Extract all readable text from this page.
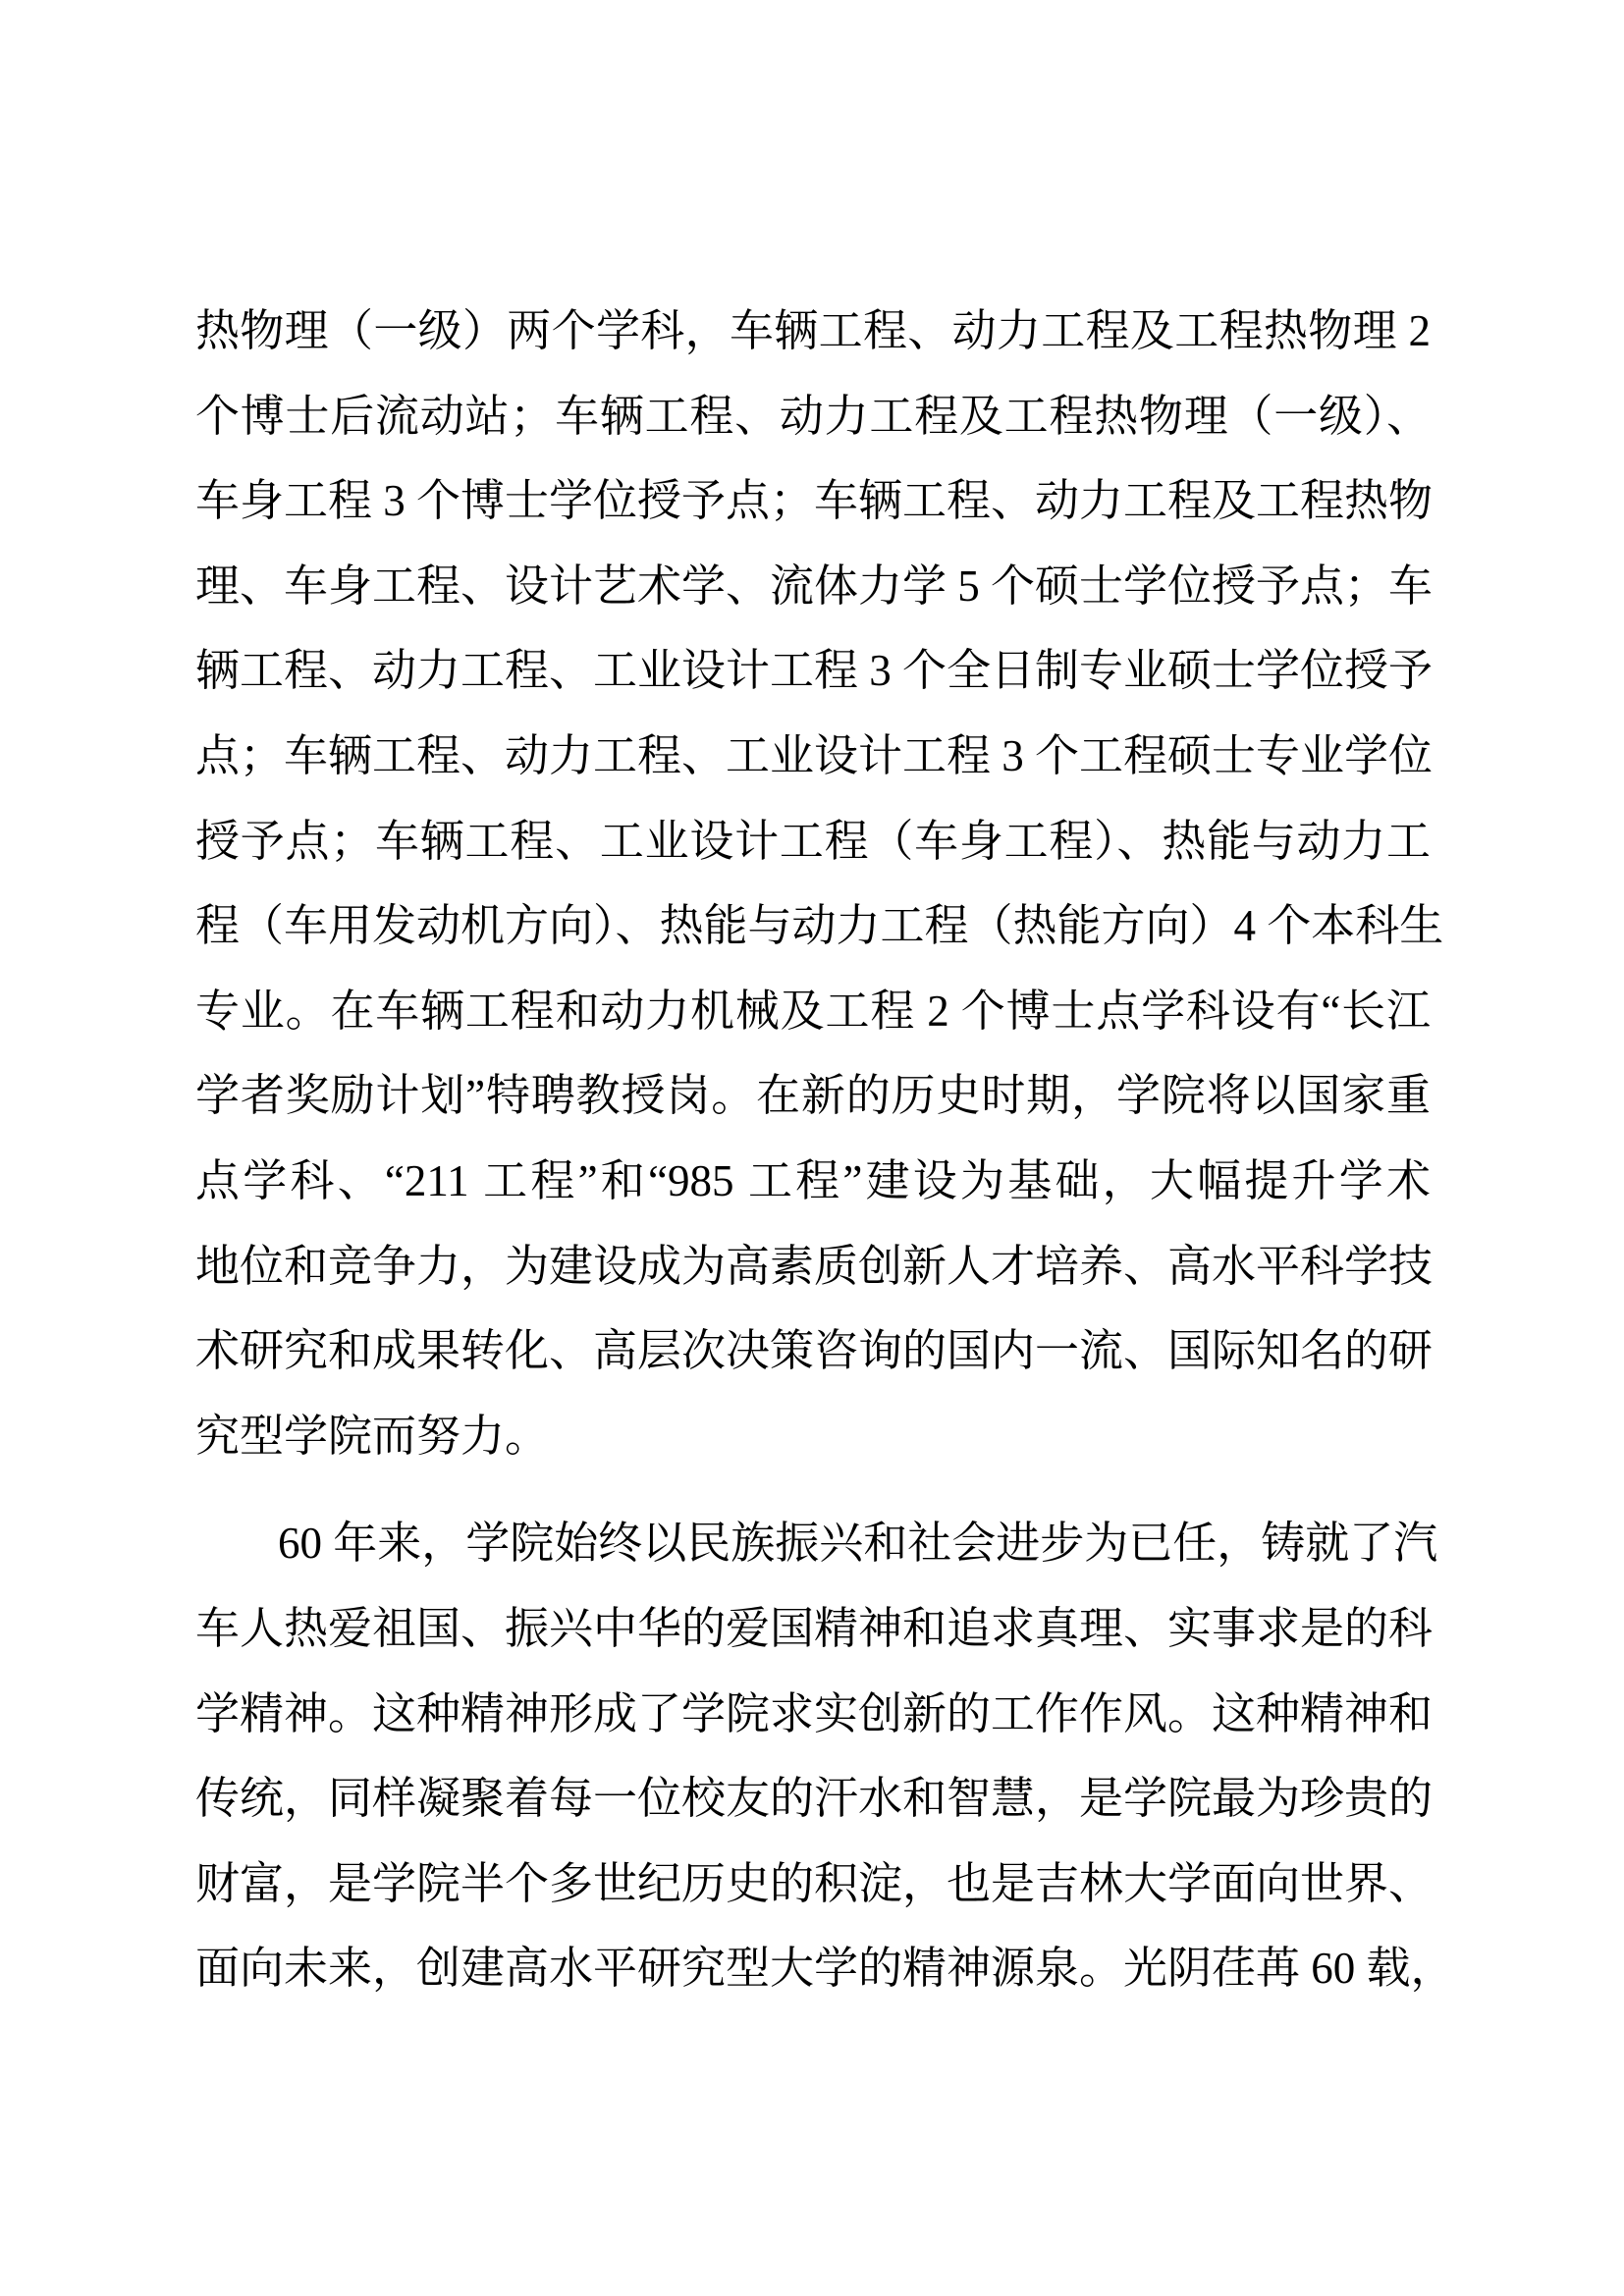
热物理（一级）两个学科，车辆工程、动力工程及工程热物理 2
个博士后流动站；车辆工程、动力工程及工程热物理（一级）、
车身工程 3 个博士学位授予点；车辆工程、动力工程及工程热物
理、车身工程、设计艺术学、流体力学 5 个硕士学位授予点；车
辆工程、动力工程、工业设计工程 3 个全日制专业硕士学位授予
点；车辆工程、动力工程、工业设计工程 3 个工程硕士专业学位
授予点；车辆工程、工业设计工程（车身工程）、热能与动力工
程（车用发动机方向）、热能与动力工程（热能方向）4 个本科生
专业。在车辆工程和动力机械及工程 2 个博士点学科设有“长江
学者奖励计划”特聘教授岗。在新的历史时期，学院将以国家重
点学科、“211 工程”和“985 工程”建设为基础，大幅提升学术
地位和竞争力，为建设成为高素质创新人才培养、高水平科学技
术研究和成果转化、高层次决策咨询的国内一流、国际知名的研
究型学院而努力。
60 年来，学院始终以民族振兴和社会进步为已任，铸就了汽
车人热爱祖国、振兴中华的爱国精神和追求真理、实事求是的科
学精神。这种精神形成了学院求实创新的工作作风。这种精神和
传统，同样凝聚着每一位校友的汗水和智慧，是学院最为珍贵的
财富，是学院半个多世纪历史的积淀，也是吉林大学面向世界、
面向未来，创建高水平研究型大学的精神源泉。光阴荏苒 60 载，
